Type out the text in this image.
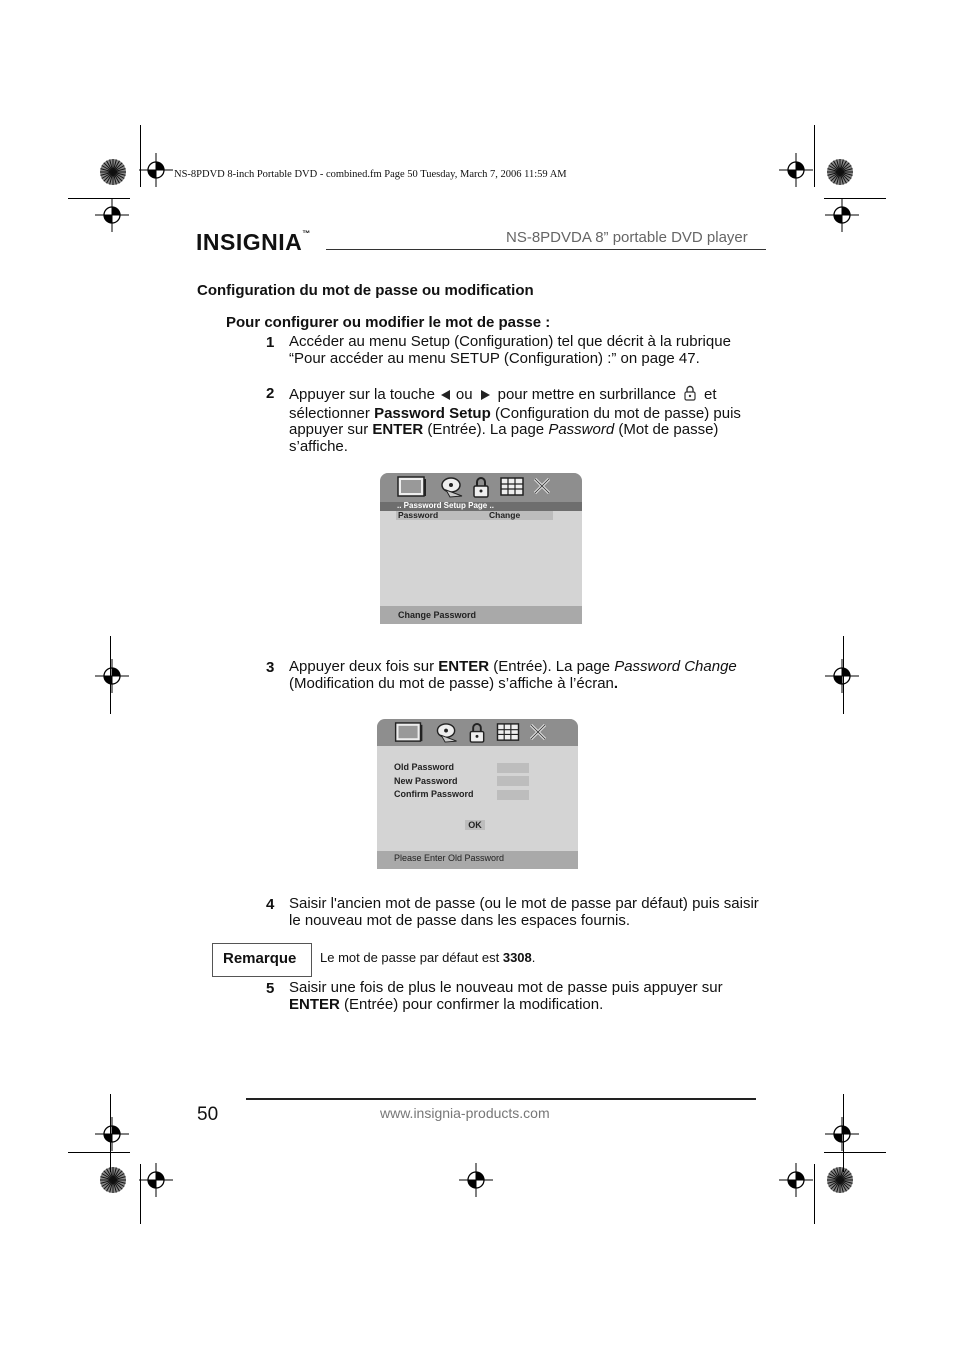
NS-8PDVD 8-inch Portable DVD - combined.fm Page 50 Tuesday, March 7, 2006 11:59 AM
INSIGNIA™	NS-8PDVDA 8” portable DVD player
Configuration du mot de passe ou modification
Pour configurer ou modifier le mot de passe :
1 Accéder au menu Setup (Configuration) tel que décrit à la rubrique “Pour accéder au menu SETUP (Configuration) :” on page 47.
2 Appuyer sur la touche ou pour mettre en surbrillance et sélectionner Password Setup (Configuration du mot de passe) puis appuyer sur ENTER (Entrée). La page Password (Mot de passe) s’affiche.
.. Password Setup Page ..
Password	Change
Change Password
3 Appuyer deux fois sur ENTER (Entrée). La page Password Change (Modification du mot de passe) s’affiche à l’écran.
Old Password
New Password
Confirm Password
OK
Please Enter Old Password
4 Saisir l'ancien mot de passe (ou le mot de passe par défaut) puis saisir le nouveau mot de passe dans les espaces fournis.
Remarque Le mot de passe par défaut est 3308.
5 Saisir une fois de plus le nouveau mot de passe puis appuyer sur ENTER (Entrée) pour confirmer la modification.
50	www.insignia-products.com
